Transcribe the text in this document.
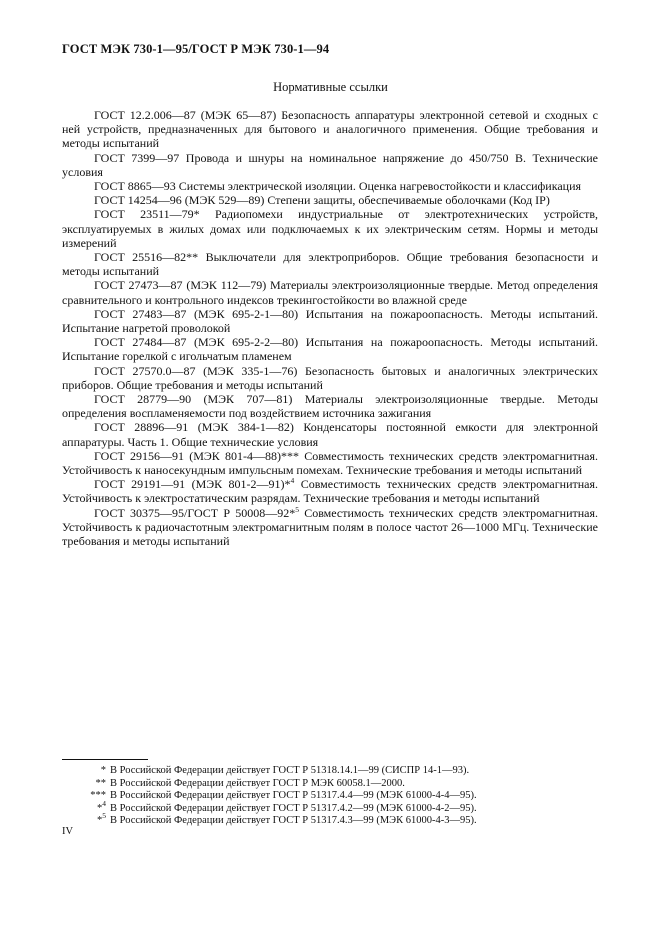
ГОСТ МЭК 730-1—95/ГОСТ Р МЭК 730-1—94
Нормативные ссылки

ГОСТ 12.2.006—87 (МЭК 65—87) Безопасность аппаратуры электронной сетевой и сходных с ней устройств, предназначенных для бытового и аналогичного применения. Общие требования и методы испытаний

ГОСТ 7399—97 Провода и шнуры на номинальное напряжение до 450/750 В. Технические условия

ГОСТ 8865—93 Системы электрической изоляции. Оценка нагревостойкости и классификация

ГОСТ 14254—96 (МЭК 529—89) Степени защиты, обеспечиваемые оболочками (Код IP)

ГОСТ 23511—79* Радиопомехи индустриальные от электротехнических устройств, эксплуатируемых в жилых домах или подключаемых к их электрическим сетям. Нормы и методы измерений

ГОСТ 25516—82** Выключатели для электроприборов. Общие требования безопасности и методы испытаний

ГОСТ 27473—87 (МЭК 112—79) Материалы электроизоляционные твердые. Метод определения сравнительного и контрольного индексов трекингостойкости во влажной среде

ГОСТ 27483—87 (МЭК 695-2-1—80) Испытания на пожароопасность. Методы испытаний. Испытание нагретой проволокой

ГОСТ 27484—87 (МЭК 695-2-2—80) Испытания на пожароопасность. Методы испытаний. Испытание горелкой с игольчатым пламенем

ГОСТ 27570.0—87 (МЭК 335-1—76) Безопасность бытовых и аналогичных электрических приборов. Общие требования и методы испытаний

ГОСТ 28779—90 (МЭК 707—81) Материалы электроизоляционные твердые. Методы определения воспламеняемости под воздействием источника зажигания

ГОСТ 28896—91 (МЭК 384-1—82) Конденсаторы постоянной емкости для электронной аппаратуры. Часть 1. Общие технические условия

ГОСТ 29156—91 (МЭК 801-4—88)*** Совместимость технических средств электромагнитная. Устойчивость к наносекундным импульсным помехам. Технические требования и методы испытаний

ГОСТ 29191—91 (МЭК 801-2—91)*$^4$ Совместимость технических средств электромагнитная. Устойчивость к электростатическим разрядам. Технические требования и методы испытаний

ГОСТ 30375—95/ГОСТ Р 50008—92*$^5$ Совместимость технических средств электромагнитная. Устойчивость к радиочастотным электромагнитным полям в полосе частот 26—1000 МГц. Технические требования и методы испытаний

* В Российской Федерации действует ГОСТ Р 51318.14.1—99 (СИСПР 14-1—93).
** В Российской Федерации действует ГОСТ Р МЭК 60058.1—2000.
*** В Российской Федерации действует ГОСТ Р 51317.4.4—99 (МЭК 61000-4-4—95).
*$^4$ В Российской Федерации действует ГОСТ Р 51317.4.2—99 (МЭК 61000-4-2—95).
*$^5$ В Российской Федерации действует ГОСТ Р 51317.4.3—99 (МЭК 61000-4-3—95).
IV
